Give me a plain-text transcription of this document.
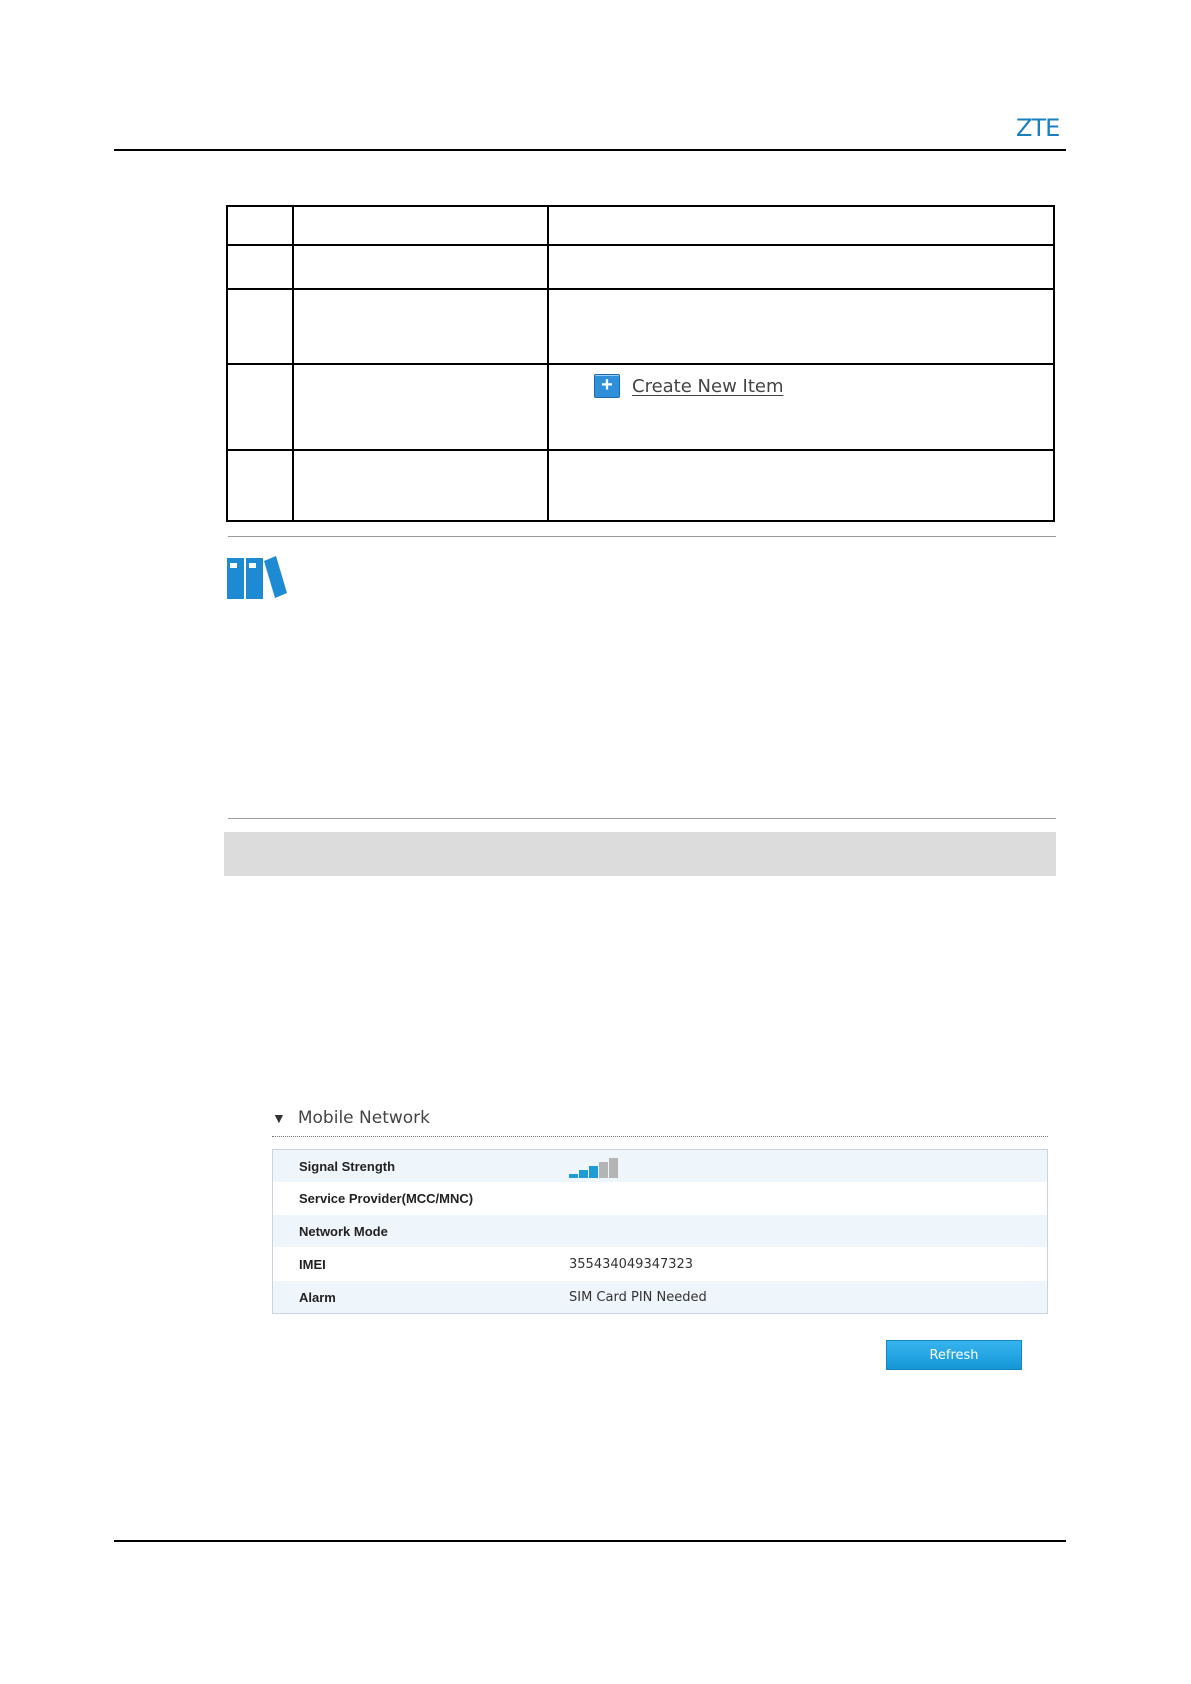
ZTE
+ Create New Item
▼ Mobile Network
Signal Strength
Service Provider(MCC/MNC)
Network Mode
IMEI	355434049347323
Alarm	SIM Card PIN Needed
Refresh
